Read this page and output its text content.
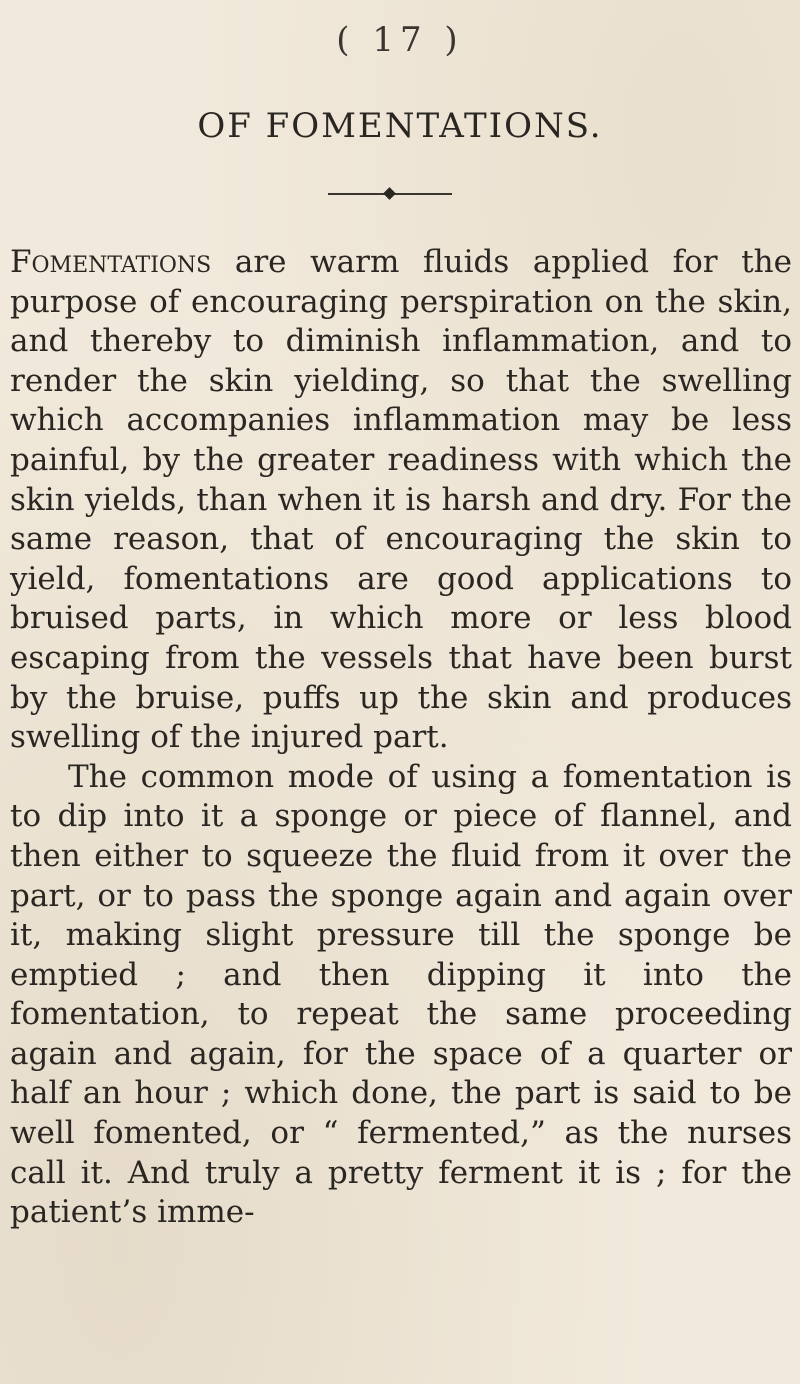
( 17 )
OF FOMENTATIONS.

Fomentations are warm fluids applied for the purpose of encouraging perspiration on the skin, and thereby to diminish inflammation, and to render the skin yielding, so that the swelling which accompanies inflammation may be less painful, by the greater readiness with which the skin yields, than when it is harsh and dry. For the same reason, that of encouraging the skin to yield, fomentations are good applications to bruised parts, in which more or less blood escaping from the vessels that have been burst by the bruise, puffs up the skin and produces swelling of the injured part.

The common mode of using a fomentation is to dip into it a sponge or piece of flannel, and then either to squeeze the fluid from it over the part, or to pass the sponge again and again over it, making slight pressure till the sponge be emptied ; and then dipping it into the fomentation, to repeat the same proceeding again and again, for the space of a quarter or half an hour ; which done, the part is said to be well fomented, or “ fermented,” as the nurses call it. And truly a pretty ferment it is ; for the patient’s imme-
